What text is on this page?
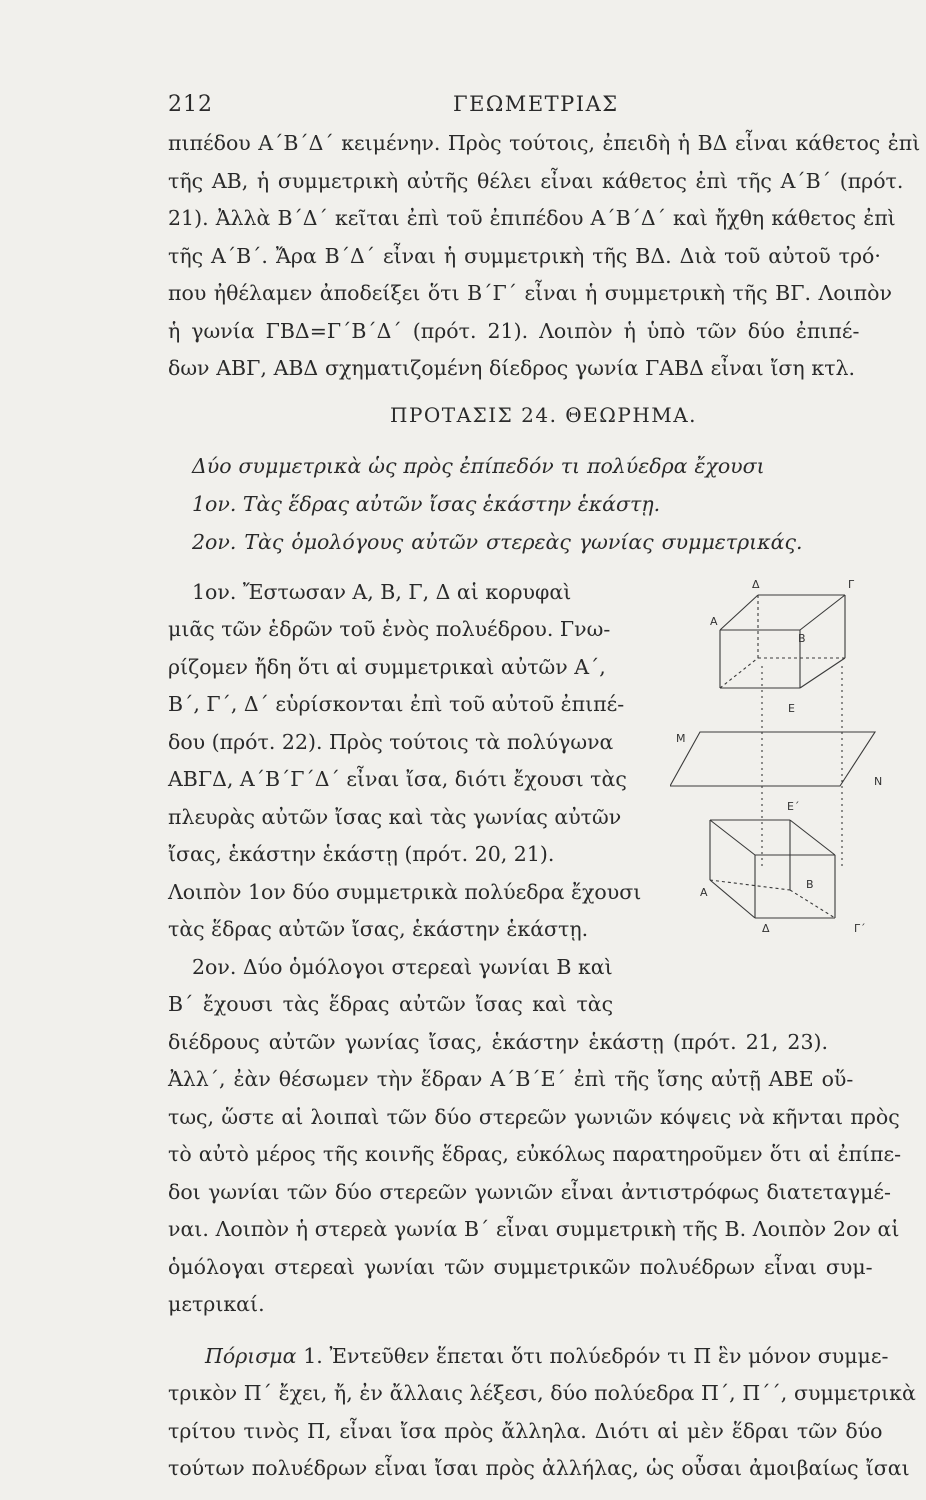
212	ΓΕΩΜΕΤΡΙΑΣ
πιπέδου Α΄Β΄Δ΄ κειμένην. Πρὸς τούτοις, ἐπειδὴ ἡ ΒΔ εἶναι κάθετος ἐπὶ
τῆς ΑΒ, ἡ συμμετρικὴ αὐτῆς θέλει εἶναι κάθετος ἐπὶ τῆς Α΄Β΄ (πρότ.
21). Ἀλλὰ Β΄Δ΄ κεῖται ἐπὶ τοῦ ἐπιπέδου Α΄Β΄Δ΄ καὶ ἤχθη κάθετος ἐπὶ
τῆς Α΄Β΄. Ἄρα Β΄Δ΄ εἶναι ἡ συμμετρικὴ τῆς ΒΔ. Διὰ τοῦ αὐτοῦ τρό·
που ἠθέλαμεν ἀποδείξει ὅτι Β΄Γ΄ εἶναι ἡ συμμετρικὴ τῆς ΒΓ. Λοιπὸν
ἡ γωνία ΓΒΔ=Γ΄Β΄Δ΄ (πρότ. 21). Λοιπὸν ἡ ὑπὸ τῶν δύο ἐπιπέ-
δων ΑΒΓ, ΑΒΔ σχηματιζομένη δίεδρος γωνία ΓΑΒΔ εἶναι ἴση κτλ.
ΠΡΟΤΑΣΙΣ 24. ΘΕΩΡΗΜΑ.
Δύο συμμετρικὰ ὡς πρὸς ἐπίπεδόν τι πολύεδρα ἔχουσι
1ον. Τὰς ἕδρας αὐτῶν ἴσας ἑκάστην ἑκάστῃ.
2ον. Τὰς ὁμολόγους αὐτῶν στερεὰς γωνίας συμμετρικάς.
1ον. Ἔστωσαν Α, Β, Γ, Δ αἱ κορυφαὶ
μιᾶς τῶν ἑδρῶν τοῦ ἑνὸς πολυέδρου. Γνω-
ρίζομεν ἤδη ὅτι αἱ συμμετρικαὶ αὐτῶν Α΄,
Β΄, Γ΄, Δ΄ εὑρίσκονται ἐπὶ τοῦ αὐτοῦ ἐπιπέ-
δου (πρότ. 22). Πρὸς τούτοις τὰ πολύγωνα
ΑΒΓΔ, Α΄Β΄Γ΄Δ΄ εἶναι ἴσα, διότι ἔχουσι τὰς
πλευρὰς αὐτῶν ἴσας καὶ τὰς γωνίας αὐτῶν
ἴσας, ἑκάστην ἑκάστῃ (πρότ. 20, 21).
Λοιπὸν 1ον δύο συμμετρικὰ πολύεδρα ἔχουσι
τὰς ἕδρας αὐτῶν ἴσας, ἑκάστην ἑκάστῃ.
2ον. Δύο ὁμόλογοι στερεαὶ γωνίαι Β καὶ
Β΄ ἔχουσι τὰς ἕδρας αὐτῶν ἴσας καὶ τὰς
διέδρους αὐτῶν γωνίας ἴσας, ἑκάστην ἑκάστῃ (πρότ. 21, 23).
Ἀλλ΄, ἐὰν θέσωμεν τὴν ἕδραν Α΄Β΄Ε΄ ἐπὶ τῆς ἴσης αὐτῇ ΑΒΕ οὕ-
τως, ὥστε αἱ λοιπαὶ τῶν δύο στερεῶν γωνιῶν κόψεις νὰ κῆνται πρὸς
τὸ αὐτὸ μέρος τῆς κοινῆς ἕδρας, εὐκόλως παρατηροῦμεν ὅτι αἱ ἐπίπε-
δοι γωνίαι τῶν δύο στερεῶν γωνιῶν εἶναι ἀντιστρόφως διατεταγμέ-
ναι. Λοιπὸν ἡ στερεὰ γωνία Β΄ εἶναι συμμετρικὴ τῆς Β. Λοιπὸν 2ον αἱ
ὁμόλογαι στερεαὶ γωνίαι τῶν συμμετρικῶν πολυέδρων εἶναι συμ-
μετρικαί.
Πόρισμα 1. Ἐντεῦθεν ἕπεται ὅτι πολύεδρόν τι Π ἓν μόνον συμμε-
τρικὸν Π΄ ἔχει, ἤ, ἐν ἄλλαις λέξεσι, δύο πολύεδρα Π΄, Π΄΄, συμμετρικὰ
τρίτου τινὸς Π, εἶναι ἴσα πρὸς ἄλληλα. Διότι αἱ μὲν ἕδραι τῶν δύο
τούτων πολυέδρων εἶναι ἴσαι πρὸς ἀλλήλας, ὡς οὖσαι ἀμοιβαίως ἴσαι
Δ	Γ
Α
Β
Ε
Μ
Ν
Ε΄
Α
Β
Δ	Γ΄
